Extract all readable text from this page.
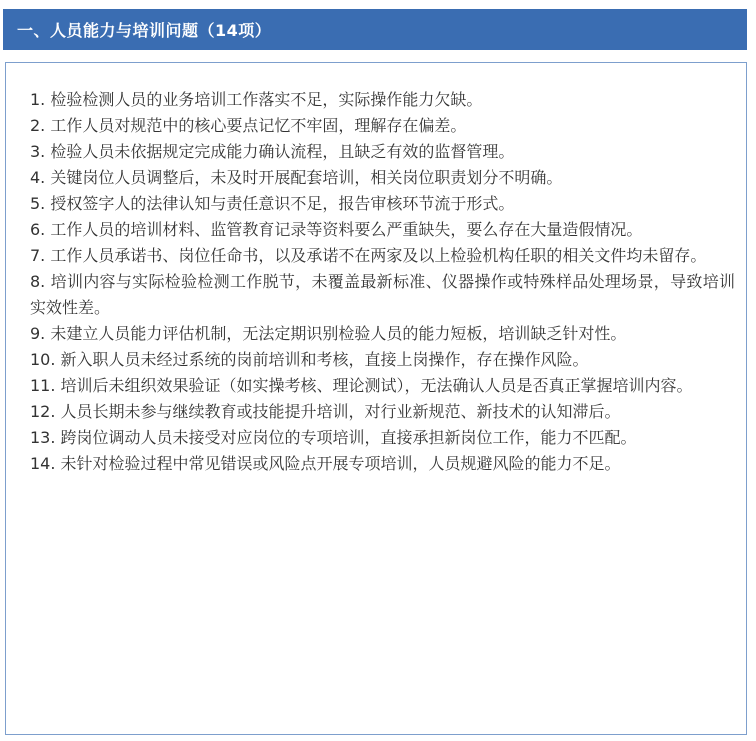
一、人员能力与培训问题（14项）
1. 检验检测人员的业务培训工作落实不足，实际操作能力欠缺。
2. 工作人员对规范中的核心要点记忆不牢固，理解存在偏差。
3. 检验人员未依据规定完成能力确认流程，且缺乏有效的监督管理。
4. 关键岗位人员调整后，未及时开展配套培训，相关岗位职责划分不明确。
5. 授权签字人的法律认知与责任意识不足，报告审核环节流于形式。
6. 工作人员的培训材料、监管教育记录等资料要么严重缺失，要么存在大量造假情况。
7. 工作人员承诺书、岗位任命书，以及承诺不在两家及以上检验机构任职的相关文件均未留存。
8. 培训内容与实际检验检测工作脱节，未覆盖最新标准、仪器操作或特殊样品处理场景，导致培训实效性差。
9. 未建立人员能力评估机制，无法定期识别检验人员的能力短板，培训缺乏针对性。
10. 新入职人员未经过系统的岗前培训和考核，直接上岗操作，存在操作风险。
11. 培训后未组织效果验证（如实操考核、理论测试），无法确认人员是否真正掌握培训内容。
12. 人员长期未参与继续教育或技能提升培训，对行业新规范、新技术的认知滞后。
13. 跨岗位调动人员未接受对应岗位的专项培训，直接承担新岗位工作，能力不匹配。
14. 未针对检验过程中常见错误或风险点开展专项培训，人员规避风险的能力不足。
